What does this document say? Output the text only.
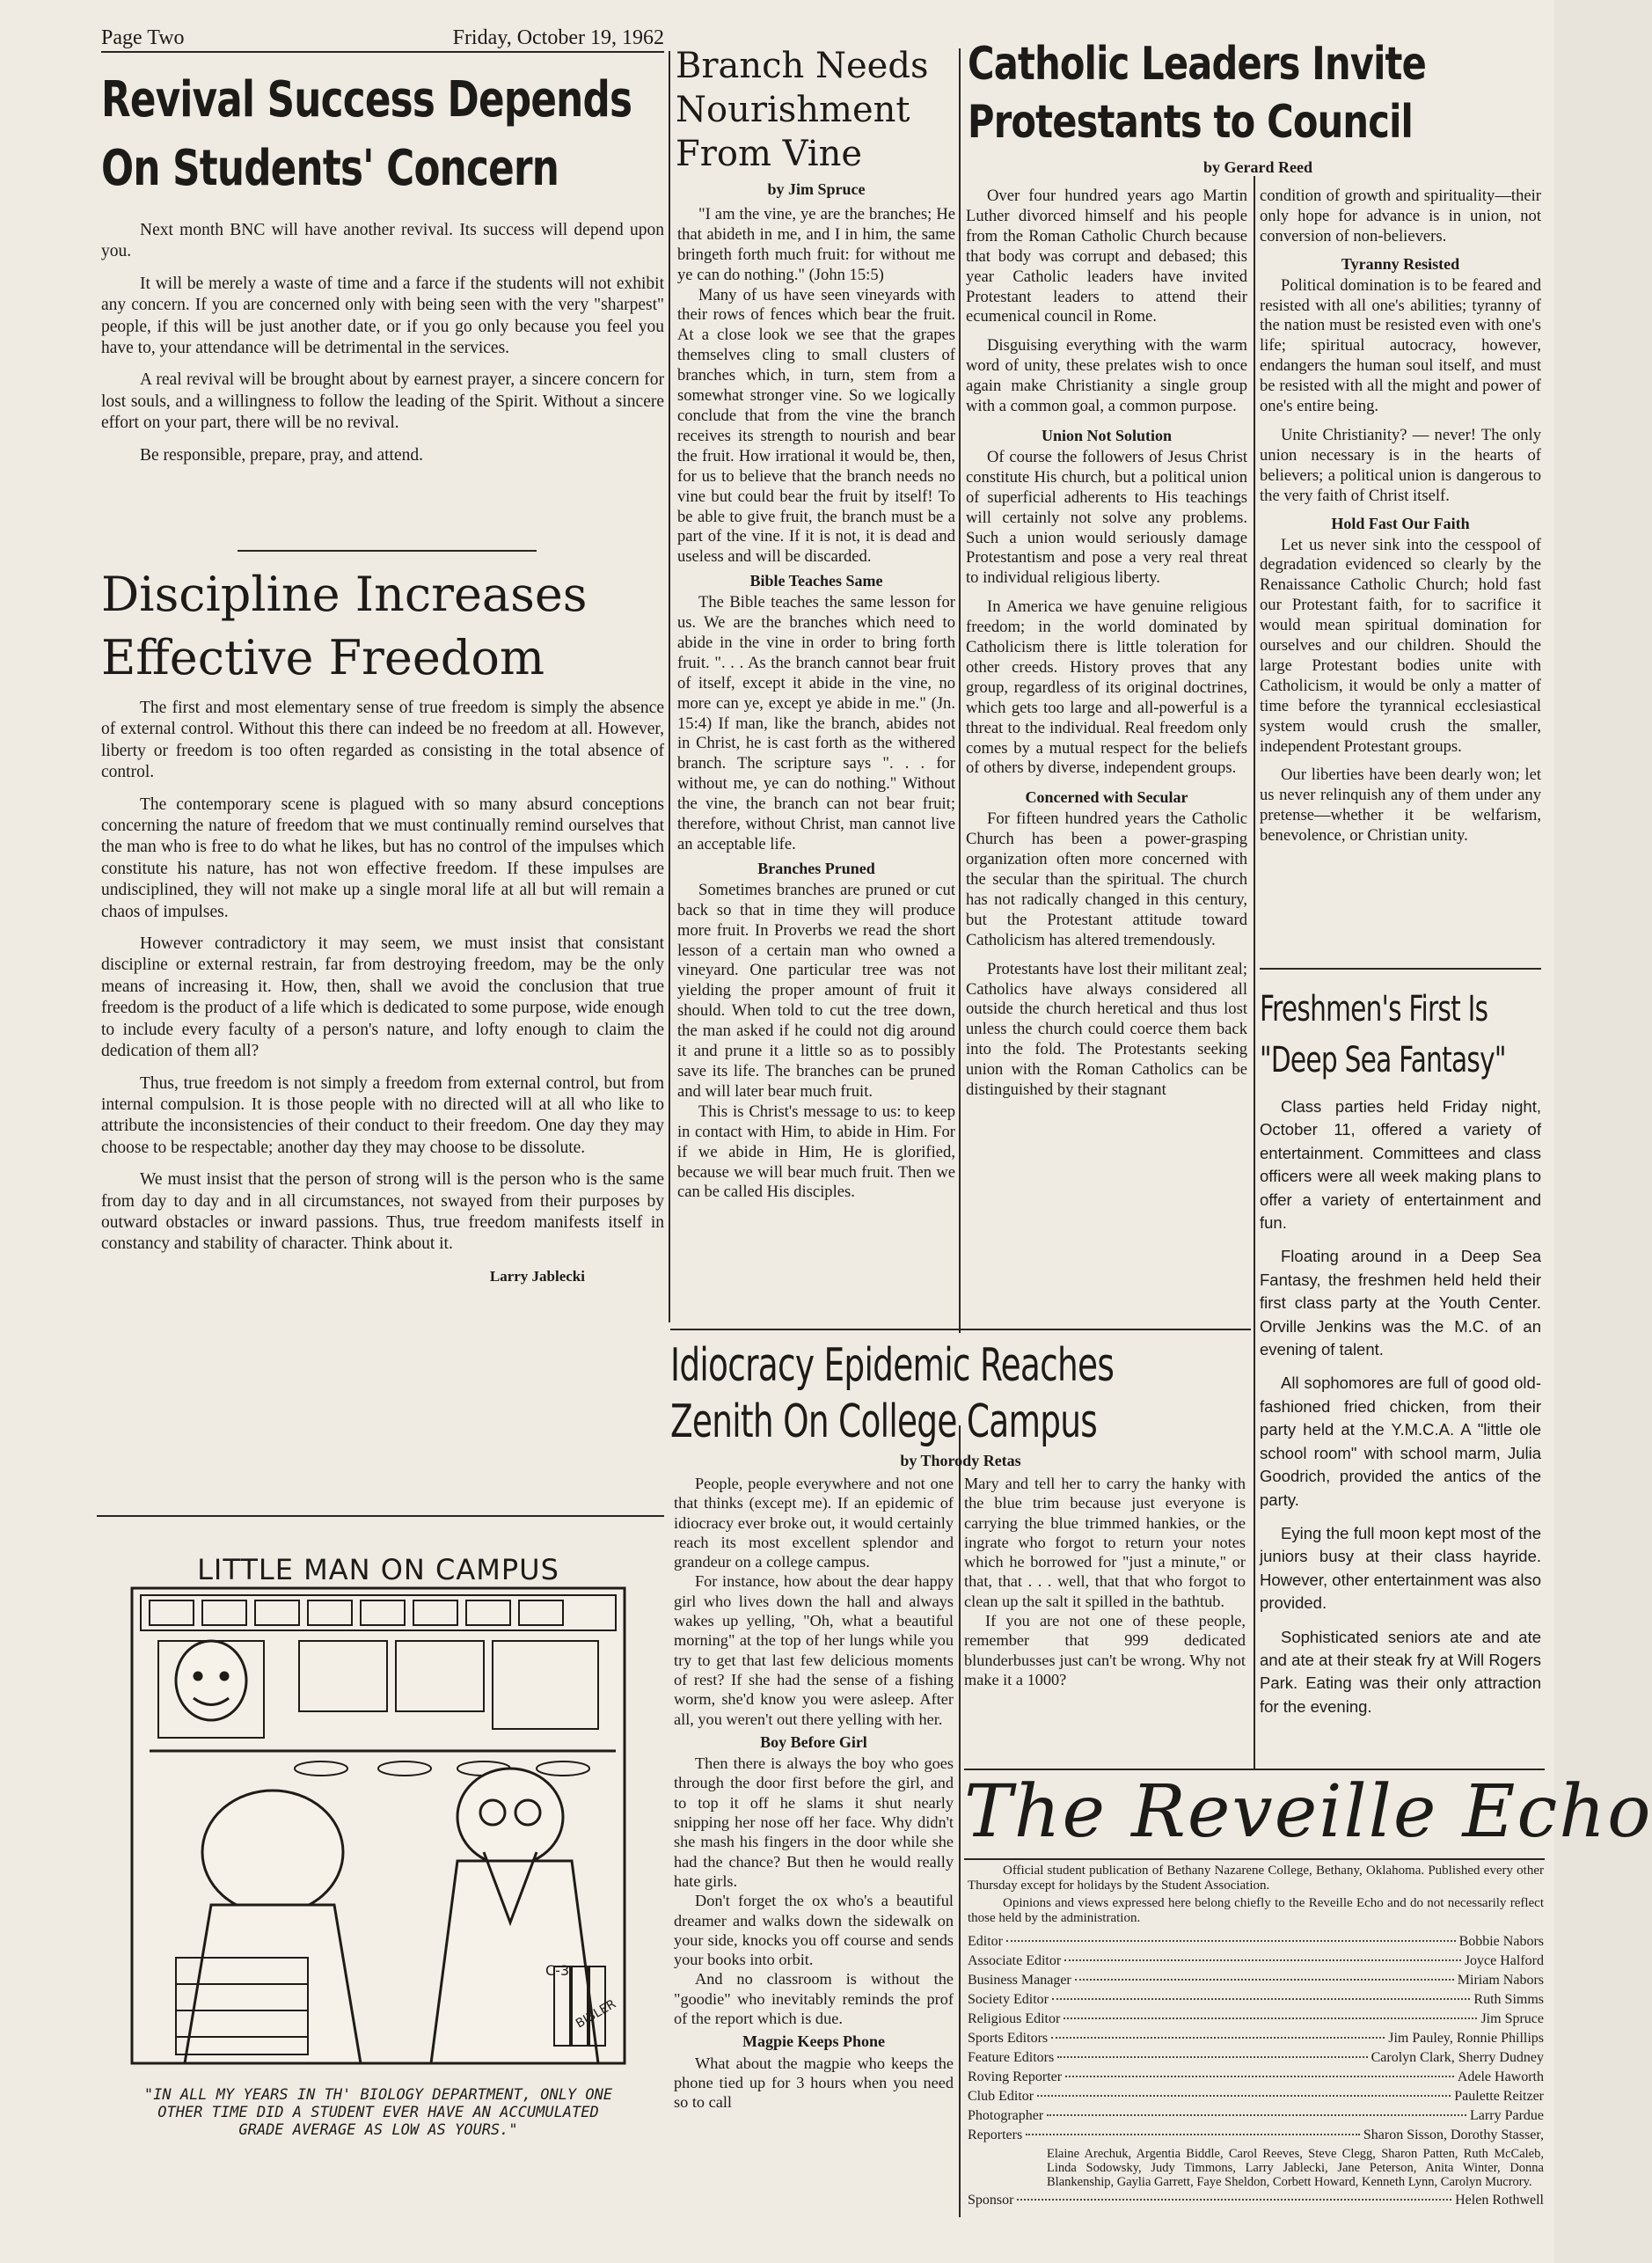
Page Two	Friday, October 19, 1962
Revival Success Depends
On Students' Concern

Next month BNC will have another revival. Its success will depend upon you.

It will be merely a waste of time and a farce if the students will not exhibit any concern. If you are concerned only with being seen with the very "sharpest" people, if this will be just another date, or if you go only because you feel you have to, your attendance will be detrimental in the services.

A real revival will be brought about by earnest prayer, a sincere concern for lost souls, and a willingness to follow the leading of the Spirit. Without a sincere effort on your part, there will be no revival.

Be responsible, prepare, pray, and attend.

Discipline Increases
Effective Freedom

The first and most elementary sense of true freedom is simply the absence of external control. Without this there can indeed be no freedom at all. However, liberty or freedom is too often regarded as consisting in the total absence of control.

The contemporary scene is plagued with so many absurd conceptions concerning the nature of freedom that we must continually remind ourselves that the man who is free to do what he likes, but has no control of the impulses which constitute his nature, has not won effective freedom. If these impulses are undisciplined, they will not make up a single moral life at all but will remain a chaos of impulses.

However contradictory it may seem, we must insist that consistant discipline or external restrain, far from destroying freedom, may be the only means of increasing it. How, then, shall we avoid the conclusion that true freedom is the product of a life which is dedicated to some purpose, wide enough to include every faculty of a person's nature, and lofty enough to claim the dedication of them all?

Thus, true freedom is not simply a freedom from external control, but from internal compulsion. It is those people with no directed will at all who like to attribute the inconsistencies of their conduct to their freedom. One day they may choose to be respectable; another day they may choose to be dissolute.

We must insist that the person of strong will is the person who is the same from day to day and in all circumstances, not swayed from their purposes by outward obstacles or inward passions. Thus, true freedom manifests itself in constancy and stability of character. Think about it.

Larry Jablecki
LITTLE MAN ON CAMPUS
C-3
BIBLER
"IN ALL MY YEARS IN TH' BIOLOGY DEPARTMENT, ONLY ONE
OTHER TIME DID A STUDENT EVER HAVE AN ACCUMULATED
GRADE AVERAGE AS LOW AS YOURS."
Branch Needs
Nourishment
From Vine
by Jim Spruce

"I am the vine, ye are the branches; He that abideth in me, and I in him, the same bringeth forth much fruit: for without me ye can do nothing." (John 15:5)

Many of us have seen vineyards with their rows of fences which bear the fruit. At a close look we see that the grapes themselves cling to small clusters of branches which, in turn, stem from a somewhat stronger vine. So we logically conclude that from the vine the branch receives its strength to nourish and bear the fruit. How irrational it would be, then, for us to believe that the branch needs no vine but could bear the fruit by itself! To be able to give fruit, the branch must be a part of the vine. If it is not, it is dead and useless and will be discarded.

Bible Teaches Same

The Bible teaches the same lesson for us. We are the branches which need to abide in the vine in order to bring forth fruit. ". . . As the branch cannot bear fruit of itself, except it abide in the vine, no more can ye, except ye abide in me." (Jn. 15:4) If man, like the branch, abides not in Christ, he is cast forth as the withered branch. The scripture says ". . . for without me, ye can do nothing." Without the vine, the branch can not bear fruit; therefore, without Christ, man cannot live an acceptable life.

Branches Pruned

Sometimes branches are pruned or cut back so that in time they will produce more fruit. In Proverbs we read the short lesson of a certain man who owned a vineyard. One particular tree was not yielding the proper amount of fruit it should. When told to cut the tree down, the man asked if he could not dig around it and prune it a little so as to possibly save its life. The branches can be pruned and will later bear much fruit.

This is Christ's message to us: to keep in contact with Him, to abide in Him. For if we abide in Him, He is glorified, because we will bear much fruit. Then we can be called His disciples.

Catholic Leaders Invite
Protestants to Council
by Gerard Reed

Over four hundred years ago Martin Luther divorced himself and his people from the Roman Catholic Church because that body was corrupt and debased; this year Catholic leaders have invited Protestant leaders to attend their ecumenical council in Rome.

Disguising everything with the warm word of unity, these prelates wish to once again make Christianity a single group with a common goal, a common purpose.

Union Not Solution

Of course the followers of Jesus Christ constitute His church, but a political union of superficial adherents to His teachings will certainly not solve any problems. Such a union would seriously damage Protestantism and pose a very real threat to individual religious liberty.

In America we have genuine religious freedom; in the world dominated by Catholicism there is little toleration for other creeds. History proves that any group, regardless of its original doctrines, which gets too large and all-powerful is a threat to the individual. Real freedom only comes by a mutual respect for the beliefs of others by diverse, independent groups.

Concerned with Secular

For fifteen hundred years the Catholic Church has been a power-grasping organization often more concerned with the secular than the spiritual. The church has not radically changed in this century, but the Protestant attitude toward Catholicism has altered tremendously.

Protestants have lost their militant zeal; Catholics have always considered all outside the church heretical and thus lost unless the church could coerce them back into the fold. The Protestants seeking union with the Roman Catholics can be distinguished by their stagnant

condition of growth and spirituality—their only hope for advance is in union, not conversion of non-believers.

Tyranny Resisted

Political domination is to be feared and resisted with all one's abilities; tyranny of the nation must be resisted even with one's life; spiritual autocracy, however, endangers the human soul itself, and must be resisted with all the might and power of one's entire being.

Unite Christianity? — never! The only union necessary is in the hearts of believers; a political union is dangerous to the very faith of Christ itself.

Hold Fast Our Faith

Let us never sink into the cesspool of degradation evidenced so clearly by the Renaissance Catholic Church; hold fast our Protestant faith, for to sacrifice it would mean spiritual domination for ourselves and our children. Should the large Protestant bodies unite with Catholicism, it would be only a matter of time before the tyrannical ecclesiastical system would crush the smaller, independent Protestant groups.

Our liberties have been dearly won; let us never relinquish any of them under any pretense—whether it be welfarism, benevolence, or Christian unity.

Freshmen's First Is
"Deep Sea Fantasy"

Class parties held Friday night, October 11, offered a variety of entertainment. Committees and class officers were all week making plans to offer a variety of entertainment and fun.

Floating around in a Deep Sea Fantasy, the freshmen held held their first class party at the Youth Center. Orville Jenkins was the M.C. of an evening of talent.

All sophomores are full of good old-fashioned fried chicken, from their party held at the Y.M.C.A. A "little ole school room" with school marm, Julia Goodrich, provided the antics of the party.

Eying the full moon kept most of the juniors busy at their class hayride. However, other entertainment was also provided.

Sophisticated seniors ate and ate and ate at their steak fry at Will Rogers Park. Eating was their only attraction for the evening.

Idiocracy Epidemic Reaches
Zenith On College Campus
by Thorody Retas

People, people everywhere and not one that thinks (except me). If an epidemic of idiocracy ever broke out, it would certainly reach its most excellent splendor and grandeur on a college campus.

For instance, how about the dear happy girl who lives down the hall and always wakes up yelling, "Oh, what a beautiful morning" at the top of her lungs while you try to get that last few delicious moments of rest? If she had the sense of a fishing worm, she'd know you were asleep. After all, you weren't out there yelling with her.

Boy Before Girl

Then there is always the boy who goes through the door first before the girl, and to top it off he slams it shut nearly snipping her nose off her face. Why didn't she mash his fingers in the door while she had the chance? But then he would really hate girls.

Don't forget the ox who's a beautiful dreamer and walks down the sidewalk on your side, knocks you off course and sends your books into orbit.

And no classroom is without the "goodie" who inevitably reminds the prof of the report which is due.

Magpie Keeps Phone

What about the magpie who keeps the phone tied up for 3 hours when you need so to call

Mary and tell her to carry the hanky with the blue trim because just everyone is carrying the blue trimmed hankies, or the ingrate who forgot to return your notes which he borrowed for "just a minute," or that, that . . . well, that that who forgot to clean up the salt it spilled in the bathtub.

If you are not one of these people, remember that 999 dedicated blunderbusses just can't be wrong. Why not make it a 1000?

The Reveille Echo

Official student publication of Bethany Nazarene College, Bethany, Oklahoma. Published every other Thursday except for holidays by the Student Association.

Opinions and views expressed here belong chiefly to the Reveille Echo and do not necessarily reflect those held by the administration.

Editor	Bobbie Nabors
Associate Editor	Joyce Halford
Business Manager	Miriam Nabors
Society Editor	Ruth Simms
Religious Editor	Jim Spruce
Sports Editors	Jim Pauley, Ronnie Phillips
Feature Editors	Carolyn Clark, Sherry Dudney
Roving Reporter	Adele Haworth
Club Editor	Paulette Reitzer
Photographer	Larry Pardue
Reporters	Sharon Sisson, Dorothy Stasser,
Elaine Arechuk, Argentia Biddle, Carol Reeves, Steve Clegg, Sharon Patten, Ruth McCaleb, Linda Sodowsky, Judy Timmons, Larry Jablecki, Jane Peterson, Anita Winter, Donna Blankenship, Gaylia Garrett, Faye Sheldon, Corbett Howard, Kenneth Lynn, Carolyn Mucrory.
Sponsor	Helen Rothwell
